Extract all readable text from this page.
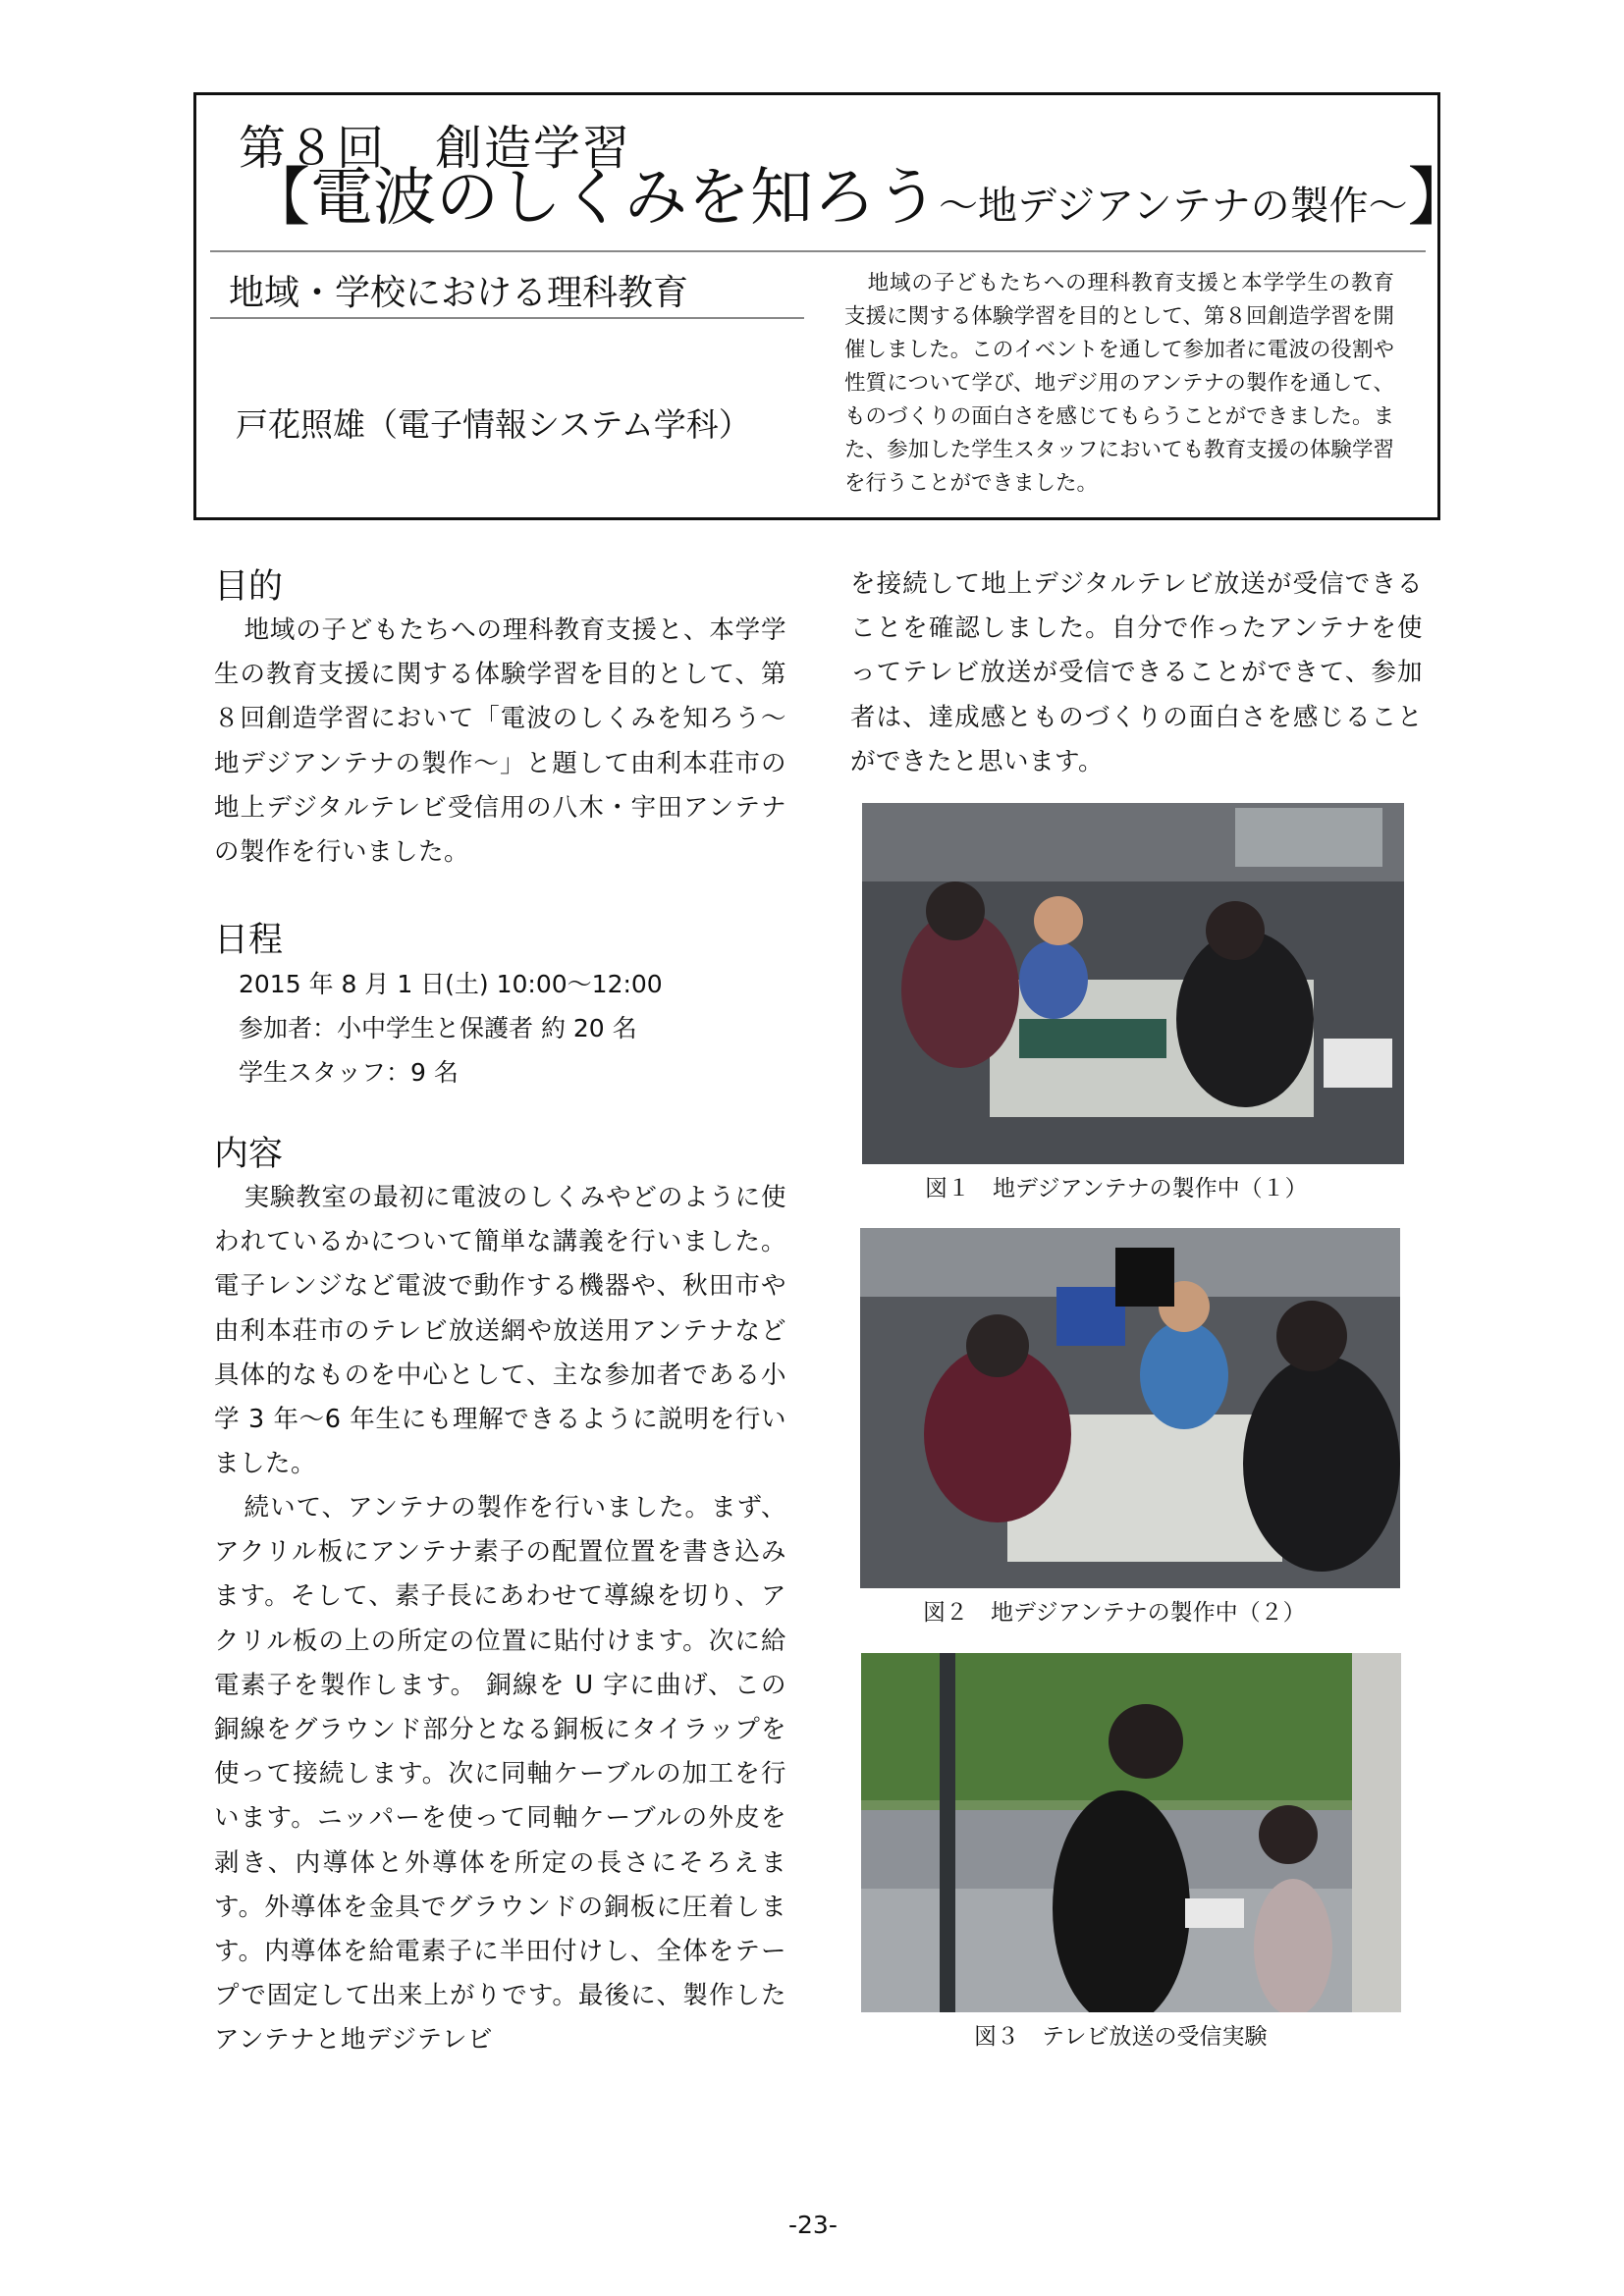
第８回　創造学習
【電波のしくみを知ろう～地デジアンテナの製作～】
地域・学校における理科教育
戸花照雄（電子情報システム学科）
地域の子どもたちへの理科教育支援と本学学生の教育支援に関する体験学習を目的として、第８回創造学習を開催しました。このイベントを通して参加者に電波の役割や性質について学び、地デジ用のアンテナの製作を通して、ものづくりの面白さを感じてもらうことができました。また、参加した学生スタッフにおいても教育支援の体験学習を行うことができました。
目的
地域の子どもたちへの理科教育支援と、本学学生の教育支援に関する体験学習を目的として、第８回創造学習において「電波のしくみを知ろう～地デジアンテナの製作～」と題して由利本荘市の地上デジタルテレビ受信用の八木・宇田アンテナの製作を行いました。
日程
2015 年 8 月 1 日(土) 10:00～12:00
参加者：小中学生と保護者 約 20 名
学生スタッフ：9 名
内容
実験教室の最初に電波のしくみやどのように使われているかについて簡単な講義を行いました。電子レンジなど電波で動作する機器や、秋田市や由利本荘市のテレビ放送網や放送用アンテナなど具体的なものを中心として、主な参加者である小学 3 年～6 年生にも理解できるように説明を行いました。
続いて、アンテナの製作を行いました。まず、アクリル板にアンテナ素子の配置位置を書き込みます。そして、素子長にあわせて導線を切り、アクリル板の上の所定の位置に貼付けます。次に給電素子を製作します。 銅線を U 字に曲げ、この銅線をグラウンド部分となる銅板にタイラップを使って接続します。次に同軸ケーブルの加工を行います。ニッパーを使って同軸ケーブルの外皮を剥き、内導体と外導体を所定の長さにそろえます。外導体を金具でグラウンドの銅板に圧着します。内導体を給電素子に半田付けし、全体をテープで固定して出来上がりです。最後に、製作したアンテナと地デジテレビ
を接続して地上デジタルテレビ放送が受信できることを確認しました。自分で作ったアンテナを使ってテレビ放送が受信できることができて、参加者は、達成感とものづくりの面白さを感じることができたと思います。
図１　地デジアンテナの製作中（１）
図２　地デジアンテナの製作中（２）
図３　テレビ放送の受信実験
-23-
